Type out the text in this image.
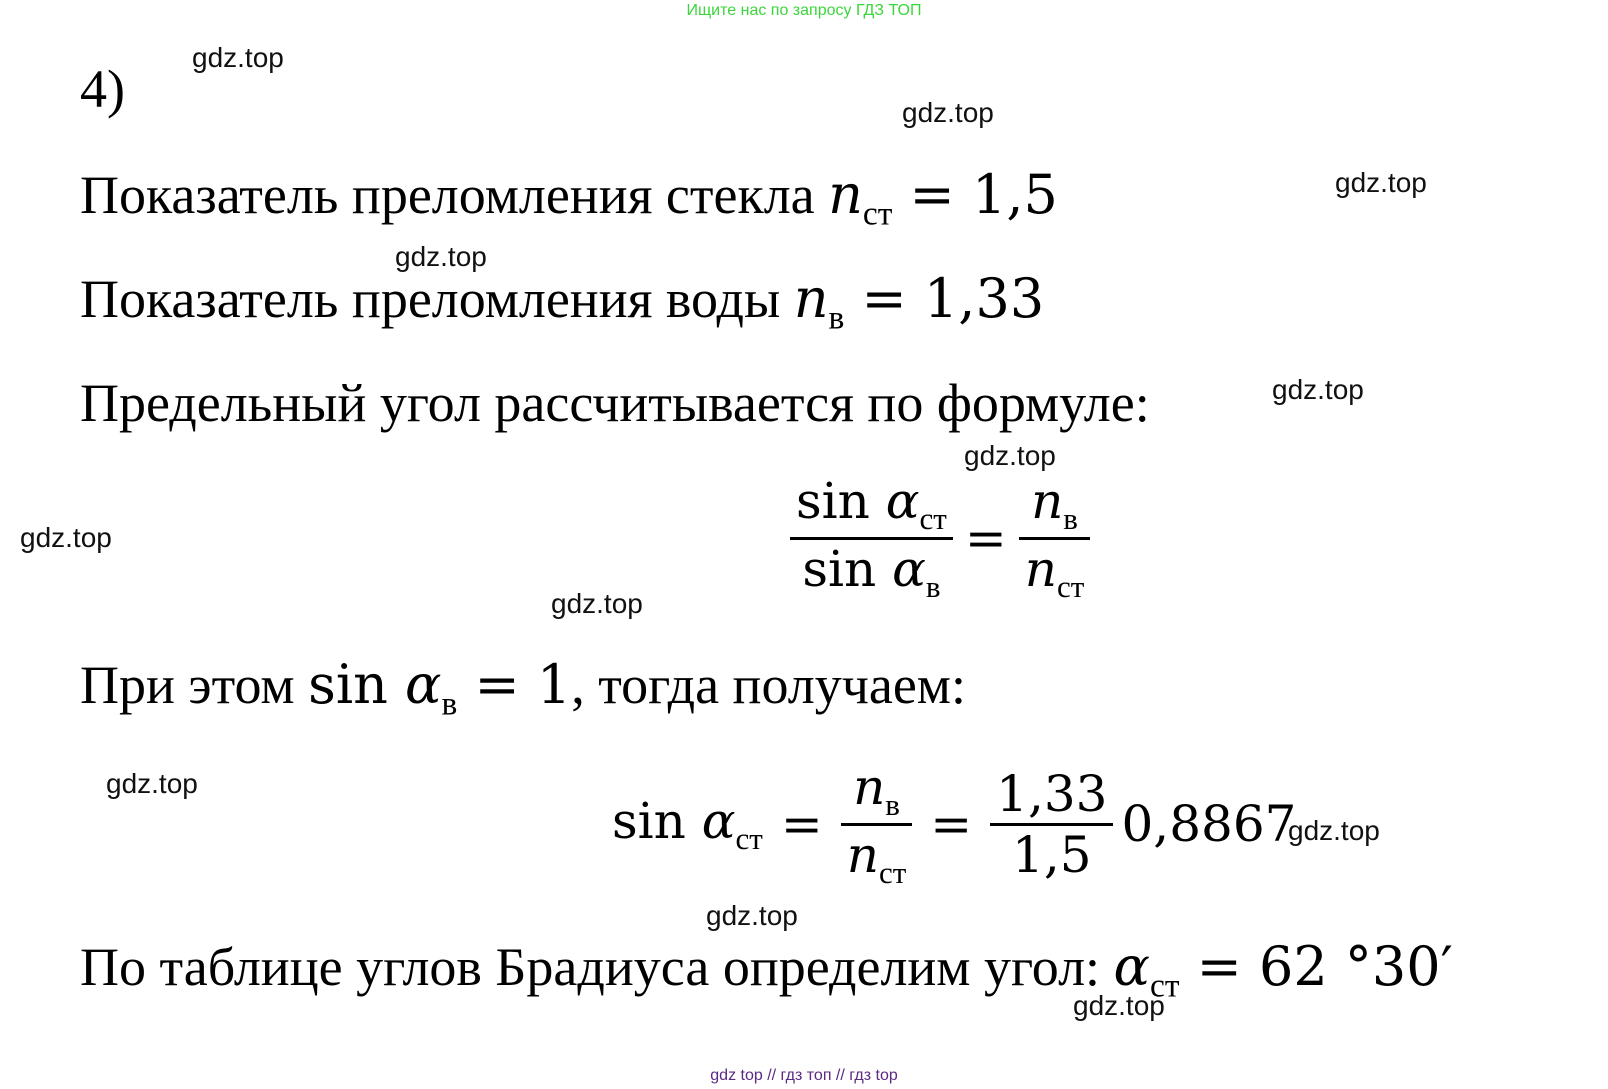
Ищите нас по запросу ГДЗ ТОП
gdz.top
gdz.top
gdz.top
gdz.top
gdz.top
gdz.top
gdz.top
gdz.top
gdz.top
gdz.top
gdz.top
gdz.top
4)
Показатель преломления стекла $n_{ст} = 1,5$
Показатель преломления воды $n_в = 1,33$
Предельный угол рассчитывается по формуле:
$\frac{\sin \alpha_{ст}}{\sin \alpha_в} = \frac{n_в}{n_{ст}}$
При этом $\sin \alpha_в = 1$, тогда получаем:
$\sin \alpha_{ст} = \frac{n_в}{n_{ст}} = \frac{1,33}{1,5} 0,8867$
По таблице углов Брадиуса определим угол: $\alpha_{ст} = 62$ °30′
gdz top // гдз топ // гдз top
